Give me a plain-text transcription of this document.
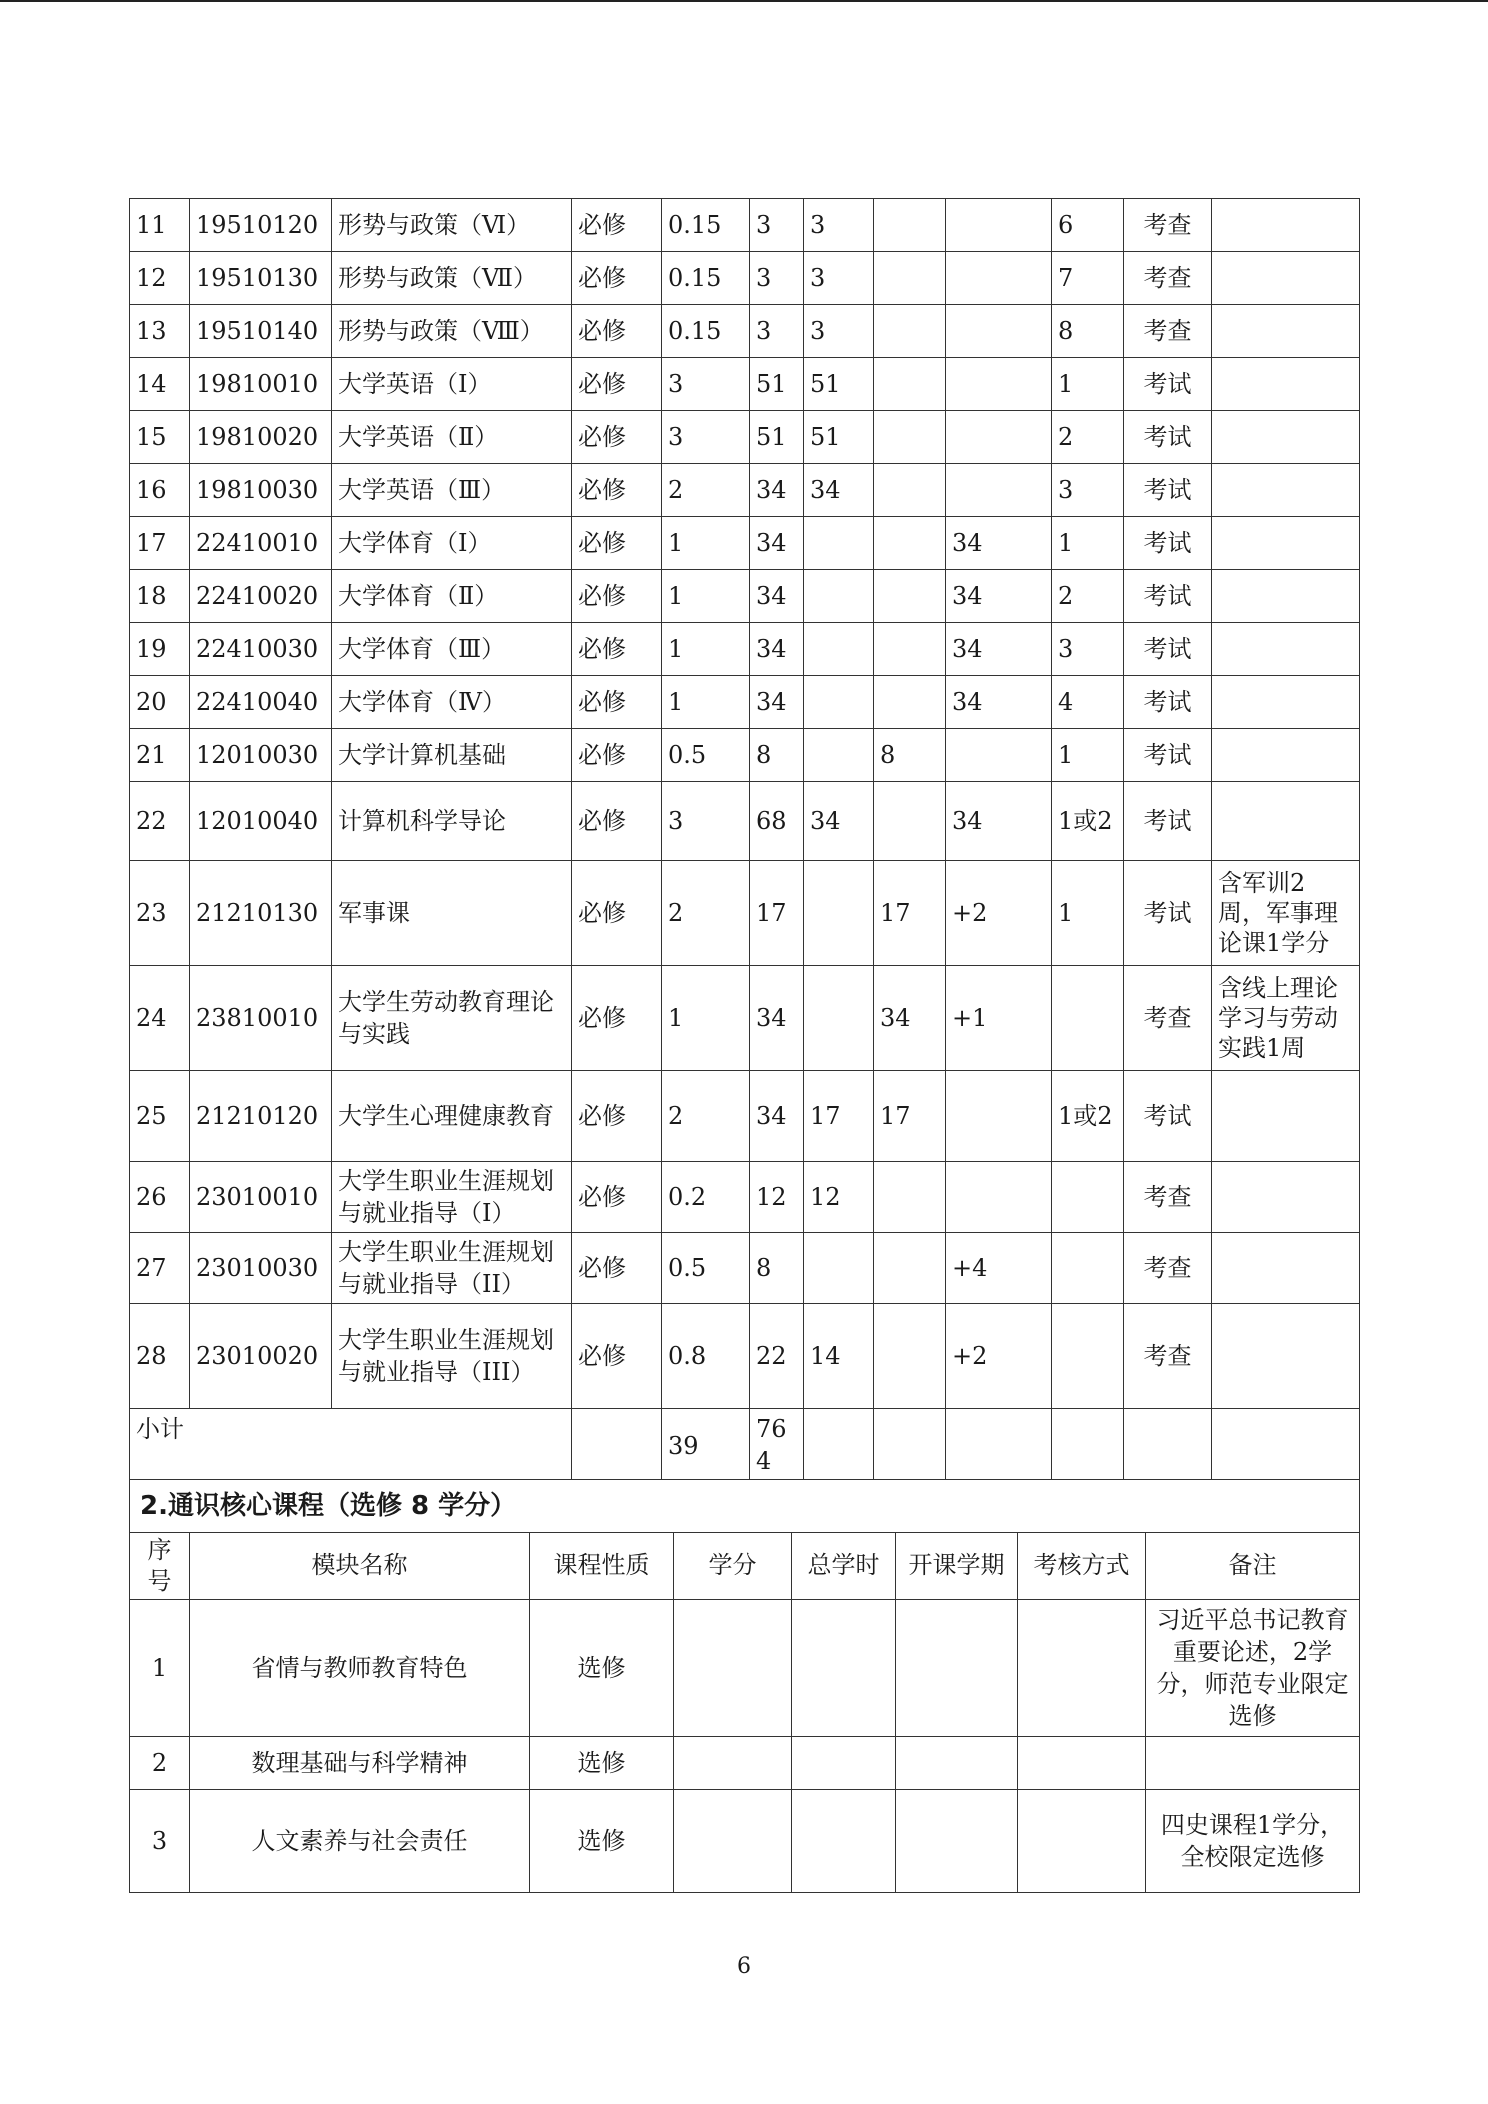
11	19510120	形势与政策（Ⅵ）	必修	0.15	3	3			6	考查	
12	19510130	形势与政策（Ⅶ）	必修	0.15	3	3			7	考查	
13	19510140	形势与政策（Ⅷ）	必修	0.15	3	3			8	考查	
14	19810010	大学英语（Ⅰ）	必修	3	51	51			1	考试	
15	19810020	大学英语（Ⅱ）	必修	3	51	51			2	考试	
16	19810030	大学英语（Ⅲ）	必修	2	34	34			3	考试	
17	22410010	大学体育（Ⅰ）	必修	1	34			34	1	考试	
18	22410020	大学体育（Ⅱ）	必修	1	34			34	2	考试	
19	22410030	大学体育（Ⅲ）	必修	1	34			34	3	考试	
20	22410040	大学体育（Ⅳ）	必修	1	34			34	4	考试	
21	12010030	大学计算机基础	必修	0.5	8		8		1	考试	
22	12010040	计算机科学导论	必修	3	68	34		34	1或2	考试	
23	21210130	军事课	必修	2	17		17	+2	1	考试	含军训2周，军事理论课1学分
24	23810010	大学生劳动教育理论与实践	必修	1	34		34	+1		考查	含线上理论学习与劳动实践1周
25	21210120	大学生心理健康教育	必修	2	34	17	17		1或2	考试	
26	23010010	大学生职业生涯规划与就业指导（I）	必修	0.2	12	12				考查	
27	23010030	大学生职业生涯规划与就业指导（II）	必修	0.5	8			+4		考查	
28	23010020	大学生职业生涯规划与就业指导（III）	必修	0.8	22	14		+2		考查	
小计				39	764						
2.通识核心课程（选修 8 学分）							
序号	模块名称	课程性质	学分	总学时	开课学期	考核方式	备注
1	省情与教师教育特色	选修					习近平总书记教育重要论述，2学分，师范专业限定选修
2	数理基础与科学精神	选修					
3	人文素养与社会责任	选修					四史课程1学分，全校限定选修
6
